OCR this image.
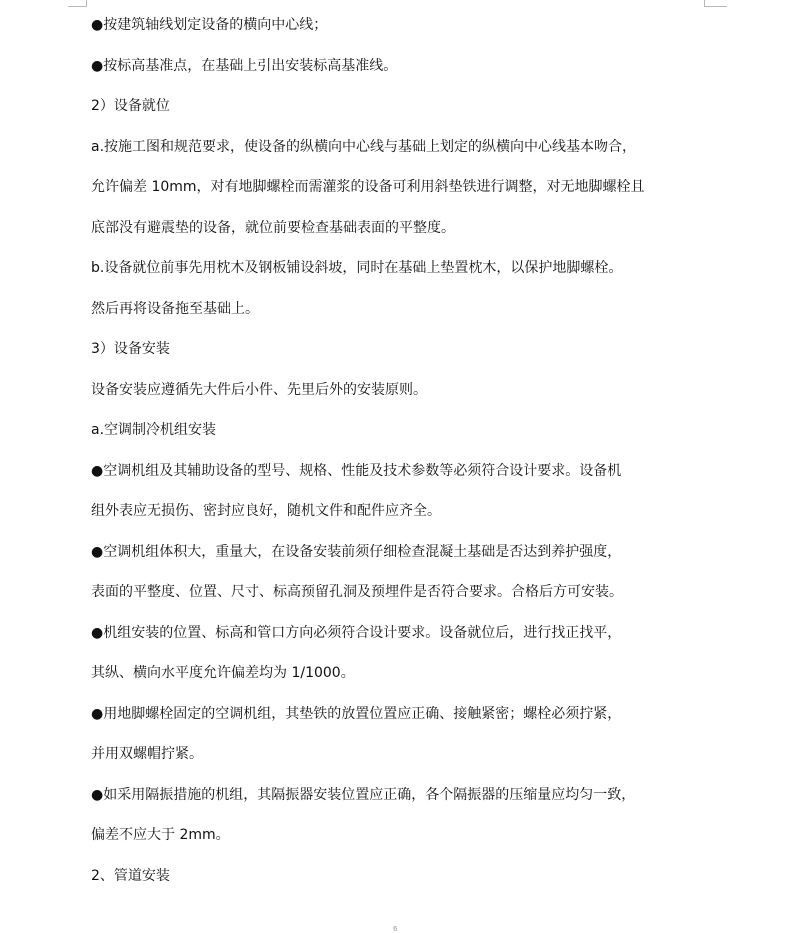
●按建筑轴线划定设备的横向中心线；

●按标高基准点，在基础上引出安装标高基准线。

2）设备就位

a.按施工图和规范要求，使设备的纵横向中心线与基础上划定的纵横向中心线基本吻合，

允许偏差 10mm，对有地脚螺栓而需灌浆的设备可利用斜垫铁进行调整，对无地脚螺栓且

底部没有避震垫的设备，就位前要检查基础表面的平整度。

b.设备就位前事先用枕木及钢板铺设斜坡，同时在基础上垫置枕木，以保护地脚螺栓。

然后再将设备拖至基础上。

3）设备安装

设备安装应遵循先大件后小件、先里后外的安装原则。

a.空调制冷机组安装

●空调机组及其辅助设备的型号、规格、性能及技术参数等必须符合设计要求。设备机

组外表应无损伤、密封应良好，随机文件和配件应齐全。

●空调机组体积大，重量大，在设备安装前须仔细检查混凝土基础是否达到养护强度，

表面的平整度、位置、尺寸、标高预留孔洞及预埋件是否符合要求。合格后方可安装。

●机组安装的位置、标高和管口方向必须符合设计要求。设备就位后，进行找正找平，

其纵、横向水平度允许偏差均为 1/1000。

●用地脚螺栓固定的空调机组，其垫铁的放置位置应正确、接触紧密；螺栓必须拧紧，

并用双螺帽拧紧。

●如采用隔振措施的机组，其隔振器安装位置应正确，各个隔振器的压缩量应均匀一致，

偏差不应大于 2mm。

2、管道安装

6
